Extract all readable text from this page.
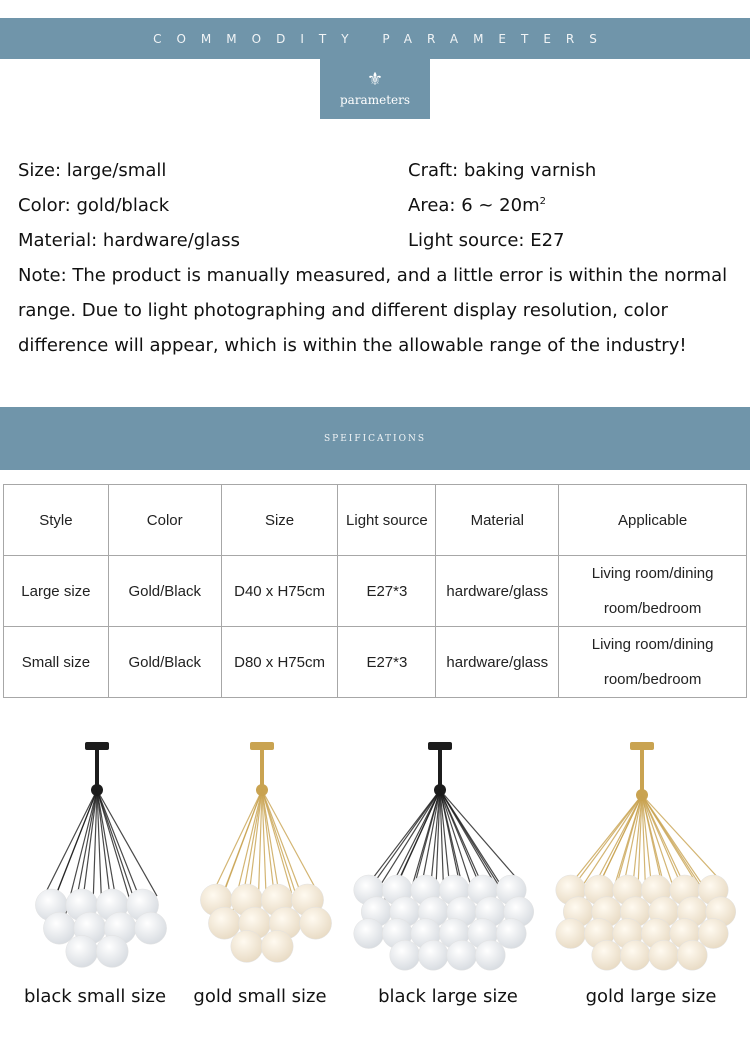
COMMODITY PARAMETERS
⚜
parameters
Size: large/small	Craft: baking varnish
Color: gold/black	Area: 6 ~ $20m^2$
Material: hardware/glass	Light source: E27
Note: The product is manually measured, and a little error is within the normal
range. Due to light photographing and different display resolution, color
difference will appear, which is within the allowable range of the industry!
SPEIFICATIONS
Style	Color	Size	Light source	Material	Applicable
Large size	Gold/Black	D40 x H75cm	E27*3	hardware/glass	Living room/dining room/bedroom
Small size	Gold/Black	D80 x H75cm	E27*3	hardware/glass	Living room/dining room/bedroom
black small size	gold small size	black large size	gold large size
